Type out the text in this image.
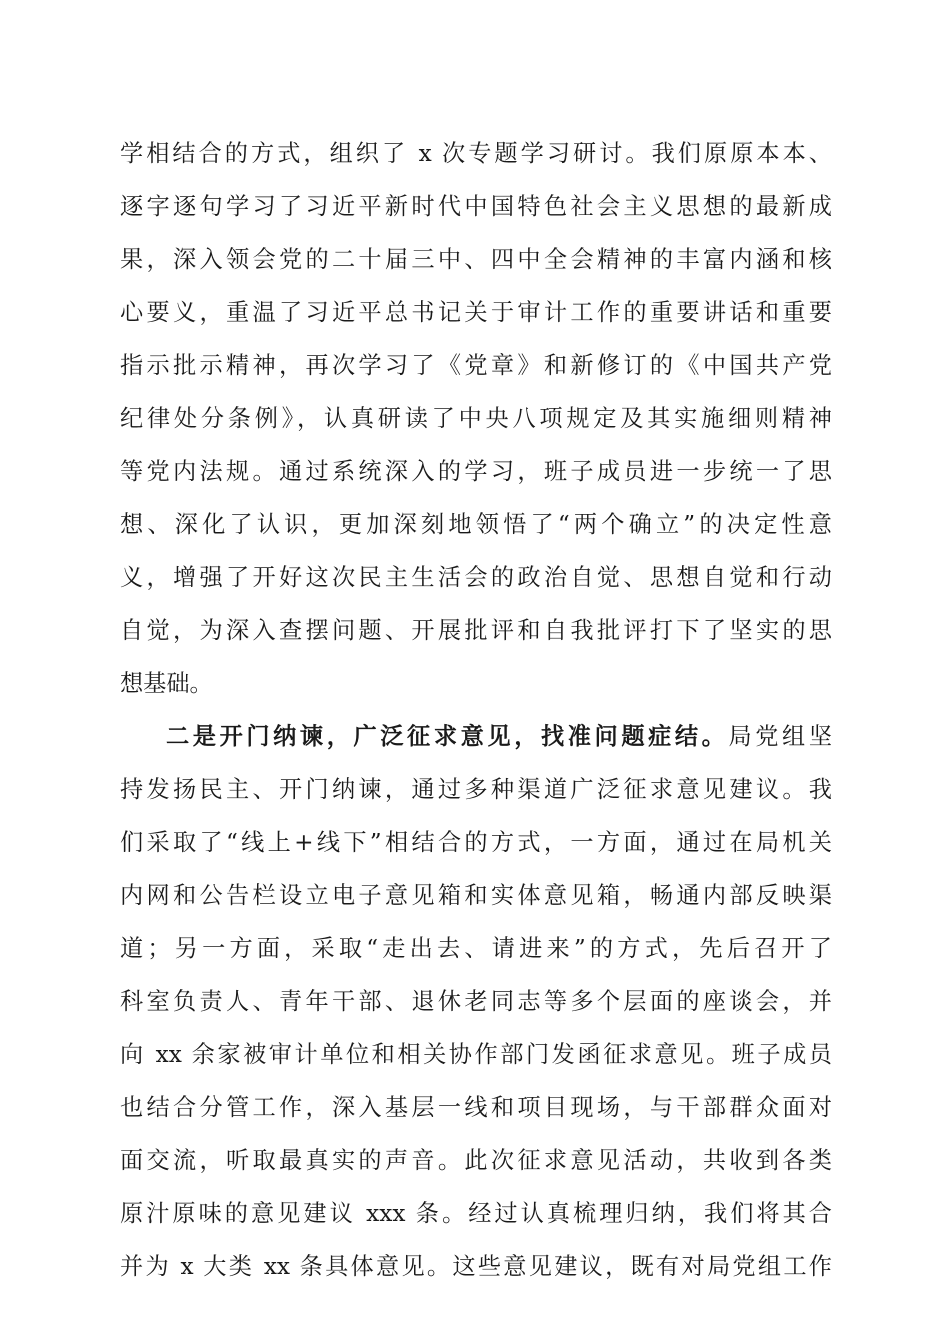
学相结合的方式，组织了 x 次专题学习研讨。我们原原本本、
逐字逐句学习了习近平新时代中国特色社会主义思想的最新成
果，深入领会党的二十届三中、四中全会精神的丰富内涵和核
心要义，重温了习近平总书记关于审计工作的重要讲话和重要
指示批示精神，再次学习了《党章》和新修订的《中国共产党
纪律处分条例》，认真研读了中央八项规定及其实施细则精神
等党内法规。通过系统深入的学习，班子成员进一步统一了思
想、深化了认识，更加深刻地领悟了“两个确立”的决定性意
义，增强了开好这次民主生活会的政治自觉、思想自觉和行动
自觉，为深入查摆问题、开展批评和自我批评打下了坚实的思
想基础。
二是开门纳谏，广泛征求意见，找准问题症结。局党组坚
持发扬民主、开门纳谏，通过多种渠道广泛征求意见建议。我
们采取了“线上+线下”相结合的方式，一方面，通过在局机关
内网和公告栏设立电子意见箱和实体意见箱，畅通内部反映渠
道；另一方面，采取“走出去、请进来”的方式，先后召开了
科室负责人、青年干部、退休老同志等多个层面的座谈会，并
向 xx 余家被审计单位和相关协作部门发函征求意见。班子成员
也结合分管工作，深入基层一线和项目现场，与干部群众面对
面交流，听取最真实的声音。此次征求意见活动，共收到各类
原汁原味的意见建议 xxx 条。经过认真梳理归纳，我们将其合
并为 x 大类 xx 条具体意见。这些意见建议，既有对局党组工作
